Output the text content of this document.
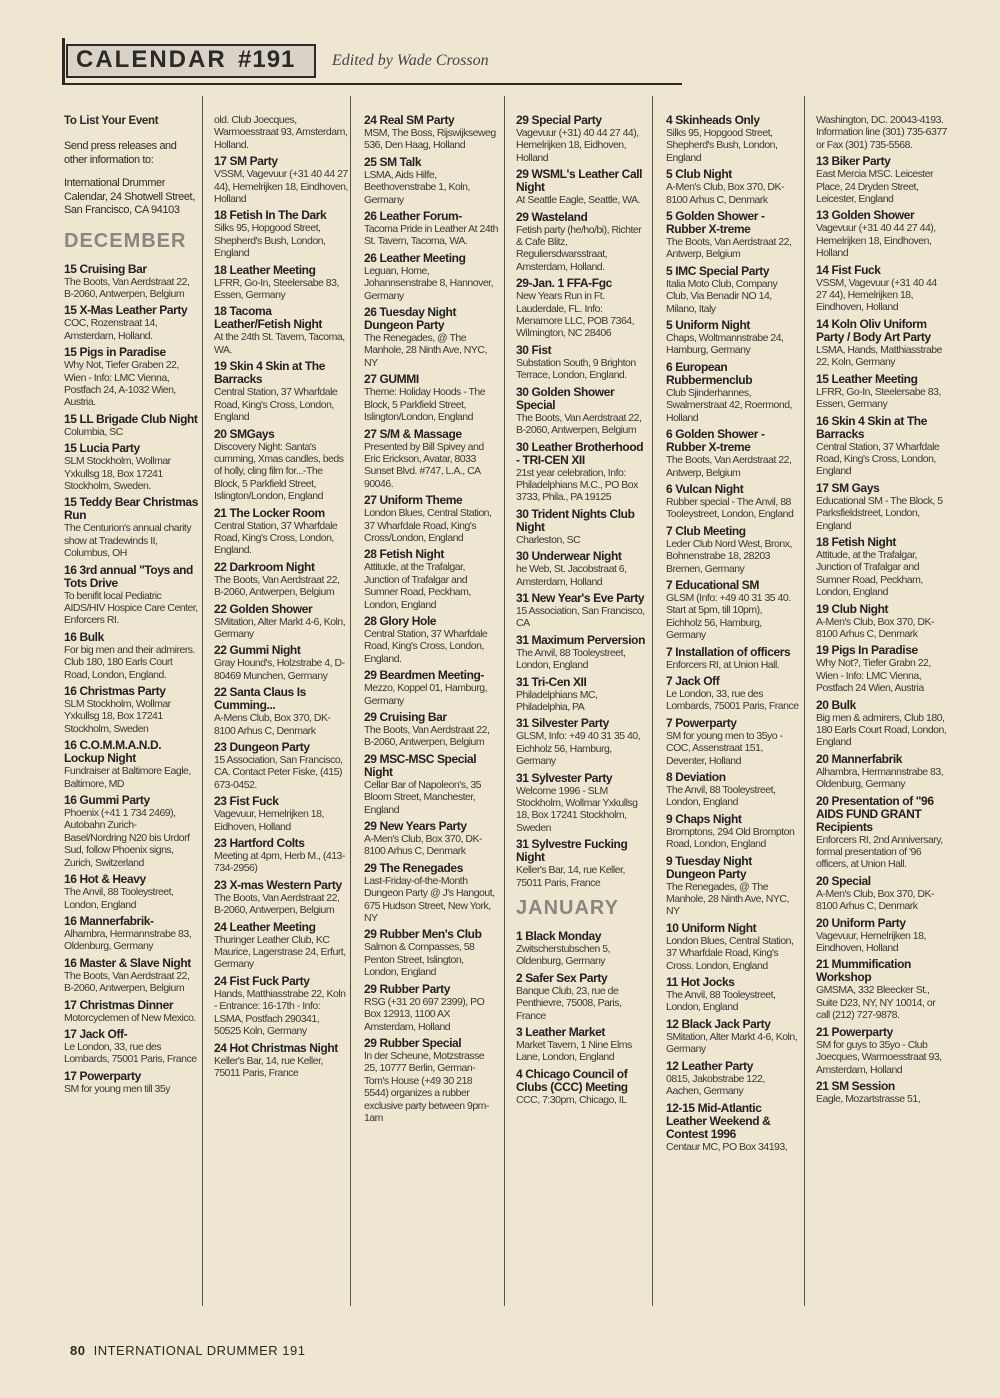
CALENDAR #191 Edited by Wade Crosson
To List Your Event
Send press releases and other information to:
International Drummer Calendar, 24 Shotwell Street, San Francisco, CA 94103
DECEMBER
15 Cruising Bar
The Boots, Van Aerdstraat 22, B-2060, Antwerpen, Belgium
15 X-Mas Leather Party
COC, Rozenstraat 14, Amsterdam, Holland.
15 Pigs in Paradise
Why Not, Tiefer Graben 22, Wien - Info: LMC Vienna, Postfach 24, A-1032 Wien, Austria.
15 LL Brigade Club Night
Columbia, SC
15 Lucia Party
SLM Stockholm, Wollmar Yxkullsg 18, Box 17241 Stockholm, Sweden.
15 Teddy Bear Christmas Run
The Centurion's annual charity show at Tradewinds II, Columbus, OH
16 3rd annual "Toys and Tots Drive
To benifit local Pediatric AIDS/HIV Hospice Care Center, Enforcers RI.
16 Bulk
For big men and their admirers. Club 180, 180 Earls Court Road, London, England.
16 Christmas Party
SLM Stockholm, Wollmar Yxkullsg 18, Box 17241 Stockholm, Sweden
16 C.O.M.M.A.N.D. Lockup Night
Fundraiser at Baltimore Eagle, Baltimore, MD
16 Gummi Party
Phoenix (+41 1 734 2469), Autobahn Zurich-Basel/Nordring N20 bis Urdorf Sud, follow Phoenix signs, Zurich, Switzerland
16 Hot & Heavy
The Anvil, 88 Tooleystreet, London, England
16 Mannerfabrik-
Alhambra, Hermannstrabe 83, Oldenburg, Germany
16 Master & Slave Night
The Boots, Van Aerdstraat 22, B-2060, Antwerpen, Belgium
17 Christmas Dinner
Motorcyclemen of New Mexico.
17 Jack Off-
Le London, 33, rue des Lombards, 75001 Paris, France
17 Powerparty
SM for young men till 35y
old. Club Joecques, Warmoesstraat 93, Amsterdam, Holland.
17 SM Party
VSSM, Vagevuur (+31 40 44 27 44), Hemelrijken 18, Eindhoven, Holland
18 Fetish In The Dark
Silks 95, Hopgood Street, Shepherd's Bush, London, England
18 Leather Meeting
LFRR, Go-In, Steelersabe 83, Essen, Germany
18 Tacoma Leather/Fetish Night
At the 24th St. Tavern, Tacoma, WA.
19 Skin 4 Skin at The Barracks
Central Station, 37 Wharfdale Road, King's Cross, London, England
20 SMGays
Discovery Night: Santa's cumming, Xmas candles, beds of holly, cling film for...-The Block, 5 Parkfield Street, Islington/London, England
21 The Locker Room
Central Station, 37 Wharfdale Road, King's Cross, London, England.
22 Darkroom Night
The Boots, Van Aerdstraat 22, B-2060, Antwerpen, Belgium
22 Golden Shower
SMitation, Alter Markt 4-6, Koln, Germany
22 Gummi Night
Gray Hound's, Holzstrabe 4, D-80469 Munchen, Germany
22 Santa Claus Is Cumming...
A-Mens Club, Box 370, DK-8100 Arhus C, Denmark
23 Dungeon Party
15 Association, San Francisco, CA. Contact Peter Fiske, (415) 673-0452.
23 Fist Fuck
Vagevuur, Hemelrijken 18, Eidhoven, Holland
23 Hartford Colts
Meeting at 4pm, Herb M., (413-734-2956)
23 X-mas Western Party
The Boots, Van Aerdstraat 22, B-2060, Antwerpen, Belgium
24 Leather Meeting
Thuringer Leather Club, KC Maurice, Lagerstrase 24, Erfurt, Germany
24 Fist Fuck Party
Hands, Matthiasstrabe 22, Koln - Entrance: 16-17th - Info: LSMA, Postfach 290341, 50525 Koln, Germany
24 Hot Christmas Night
Keller's Bar, 14, rue Keller, 75011 Paris, France
24 Real SM Party
MSM, The Boss, Rijswijkseweg 536, Den Haag, Holland
25 SM Talk
LSMA, Aids Hilfe, Beethovenstrabe 1, Koln, Germany
26 Leather Forum-
Tacoma Pride in Leather At 24th St. Tavern, Tacoma, WA.
26 Leather Meeting
Leguan, Home, Johannsenstrabe 8, Hannover, Germany
26 Tuesday Night Dungeon Party
The Renegades, @ The Manhole, 28 Ninth Ave, NYC, NY
27 GUMMI
Theme: Holiday Hoods - The Block, 5 Parkfield Street, Islington/London, England
27 S/M & Massage
Presented by Bill Spivey and Eric Erickson, Avatar, 8033 Sunset Blvd. #747, L.A., CA 90046.
27 Uniform Theme
London Blues, Central Station, 37 Wharfdale Road, King's Cross/London, England
28 Fetish Night
Attitude, at the Trafalgar, Junction of Trafalgar and Sumner Road, Peckham, London, England
28 Glory Hole
Central Station, 37 Wharfdale Road, King's Cross, London, England.
29 Beardmen Meeting-
Mezzo, Koppel 01, Hamburg, Germany
29 Cruising Bar
The Boots, Van Aerdstraat 22, B-2060, Antwerpen, Belgium
29 MSC-MSC Special Night
Cellar Bar of Napoleon's, 35 Bloom Street, Manchester, England
29 New Years Party
A-Men's Club, Box 370, DK-8100 Arhus C, Denmark
29 The Renegades
Last-Friday-of-the-Month Dungeon Party @ J's Hangout, 675 Hudson Street, New York, NY
29 Rubber Men's Club
Salmon & Compasses, 58 Penton Street, Islington, London, England
29 Rubber Party
RSG (+31 20 697 2399), PO Box 12913, 1100 AX Amsterdam, Holland
29 Rubber Special
In der Scheune, Motzstrasse 25, 10777 Berlin, German-Tom's House (+49 30 218 5544) organizes a rubber exclusive party between 9pm-1am
29 Special Party
Vagevuur (+31) 40 44 27 44), Hemelrijken 18, Eidhoven, Holland
29 WSML's Leather Call Night
At Seattle Eagle, Seattle, WA.
29 Wasteland
Fetish party (he/ho/bi), Richter & Cafe Blitz, Reguliersdwarsstraat, Amsterdam, Holland.
29-Jan. 1 FFA-Fgc
New Years Run in Ft. Lauderdale, FL. Info: Menamore LLC, POB 7364, Wilmington, NC 28406
30 Fist
Substation South, 9 Brighton Terrace, London, England.
30 Golden Shower Special
The Boots, Van Aerdstraat 22, B-2060, Antwerpen, Belgium
30 Leather Brotherhood - TRI-CEN XII
21st year celebration, Info: Philadelphians M.C., PO Box 3733, Phila., PA 19125
30 Trident Nights Club Night
Charleston, SC
30 Underwear Night
he Web, St. Jacobstraat 6, Amsterdam, Holland
31 New Year's Eve Party
15 Association, San Francisco, CA
31 Maximum Perversion
The Anvil, 88 Tooleystreet, London, England
31 Tri-Cen XII
Philadelphians MC, Philadelphia, PA
31 Silvester Party
GLSM, Info: +49 40 31 35 40, Eichholz 56, Hamburg, Germany
31 Sylvester Party
Welcome 1996 - SLM Stockholm, Wollmar Yxkullsg 18, Box 17241 Stockholm, Sweden
31 Sylvestre Fucking Night
Keller's Bar, 14, rue Keller, 75011 Paris, France
JANUARY
1 Black Monday
Zwitscherstubschen 5, Oldenburg, Germany
2 Safer Sex Party
Banque Club, 23, rue de Penthievre, 75008, Paris, France
3 Leather Market
Market Tavern, 1 Nine Elms Lane, London, England
4 Chicago Council of Clubs (CCC) Meeting
CCC, 7:30pm, Chicago, IL
4 Skinheads Only
Silks 95, Hopgood Street, Shepherd's Bush, London, England
5 Club Night
A-Men's Club, Box 370, DK-8100 Arhus C, Denmark
5 Golden Shower - Rubber X-treme
The Boots, Van Aerdstraat 22, Antwerp, Belgium
5 IMC Special Party
Italia Moto Club, Company Club, Via Benadir NO 14, Milano, Italy
5 Uniform Night
Chaps, Woltmannstrabe 24, Hamburg, Germany
6 European Rubbermenclub
Club Sjinderhannes, Swalmerstraat 42, Roermond, Holland
6 Golden Shower - Rubber X-treme
The Boots, Van Aerdstraat 22, Antwerp, Belgium
6 Vulcan Night
Rubber special - The Anvil, 88 Tooleystreet, London, England
7 Club Meeting
Leder Club Nord West, Bronx, Bohnenstrabe 18, 28203 Bremen, Germany
7 Educational SM
GLSM (Info: +49 40 31 35 40. Start at 5pm, till 10pm), Eichholz 56, Hamburg, Germany
7 Installation of officers
Enforcers RI, at Union Hall.
7 Jack Off
Le London, 33, rue des Lombards, 75001 Paris, France
7 Powerparty
SM for young men to 35yo - COC, Assenstraat 151, Deventer, Holland
8 Deviation
The Anvil, 88 Tooleystreet, London, England
9 Chaps Night
Bromptons, 294 Old Brompton Road, London, England
9 Tuesday Night Dungeon Party
The Renegades, @ The Manhole, 28 Ninth Ave, NYC, NY
10 Uniform Night
London Blues, Central Station, 37 Wharfdale Road, King's Cross. London, England
11 Hot Jocks
The Anvil, 88 Tooleystreet, London, England
12 Black Jack Party
SMitation, Alter Markt 4-6, Koln, Germany
12 Leather Party
0815, Jakobstrabe 122, Aachen, Germany
12-15 Mid-Atlantic Leather Weekend & Contest 1996
Centaur MC, PO Box 34193,
Washington, DC. 20043-4193. Information line (301) 735-6377 or Fax (301) 735-5568.
13 Biker Party
East Mercia MSC. Leicester Place, 24 Dryden Street, Leicester, England
13 Golden Shower
Vagevuur (+31 40 44 27 44), Hemelrijken 18, Eindhoven, Holland
14 Fist Fuck
VSSM, Vagevuur (+31 40 44 27 44), Hemelrijken 18, Eindhoven, Holland
14 Koln Oliv Uniform Party / Body Art Party
LSMA, Hands, Matthiasstrabe 22, Koln, Germany
15 Leather Meeting
LFRR, Go-In, Steelersabe 83, Essen, Germany
16 Skin 4 Skin at The Barracks
Central Station, 37 Wharfdale Road, King's Cross, London, England
17 SM Gays
Educational SM - The Block, 5 Parksfieldstreet, London, England
18 Fetish Night
Attitude, at the Trafalgar, Junction of Trafalgar and Sumner Road, Peckham, London, England
19 Club Night
A-Men's Club, Box 370, DK-8100 Arhus C, Denmark
19 Pigs In Paradise
Why Not?, Tiefer Grabn 22, Wien - Info: LMC Vienna, Postfach 24 Wien, Austria
20 Bulk
Big men & admirers, Club 180, 180 Earls Court Road, London, England
20 Mannerfabrik
Alhambra, Hermannstrabe 83, Oldenburg, Germany
20 Presentation of "96 AIDS FUND GRANT Recipients
Enforcers RI, 2nd Anniversary, formal presentation of '96 officers, at Union Hall.
20 Special
A-Men's Club, Box 370, DK-8100 Arhus C, Denmark
20 Uniform Party
Vagevuur, Hemelrijken 18, Eindhoven, Holland
21 Mummification Workshop
GMSMA, 332 Bleecker St., Suite D23, NY, NY 10014, or call (212) 727-9878.
21 Powerparty
SM for guys to 35yo - Club Joecques, Warmoesstraat 93, Amsterdam, Holland
21 SM Session
Eagle, Mozartstrasse 51,
80 INTERNATIONAL DRUMMER 191
